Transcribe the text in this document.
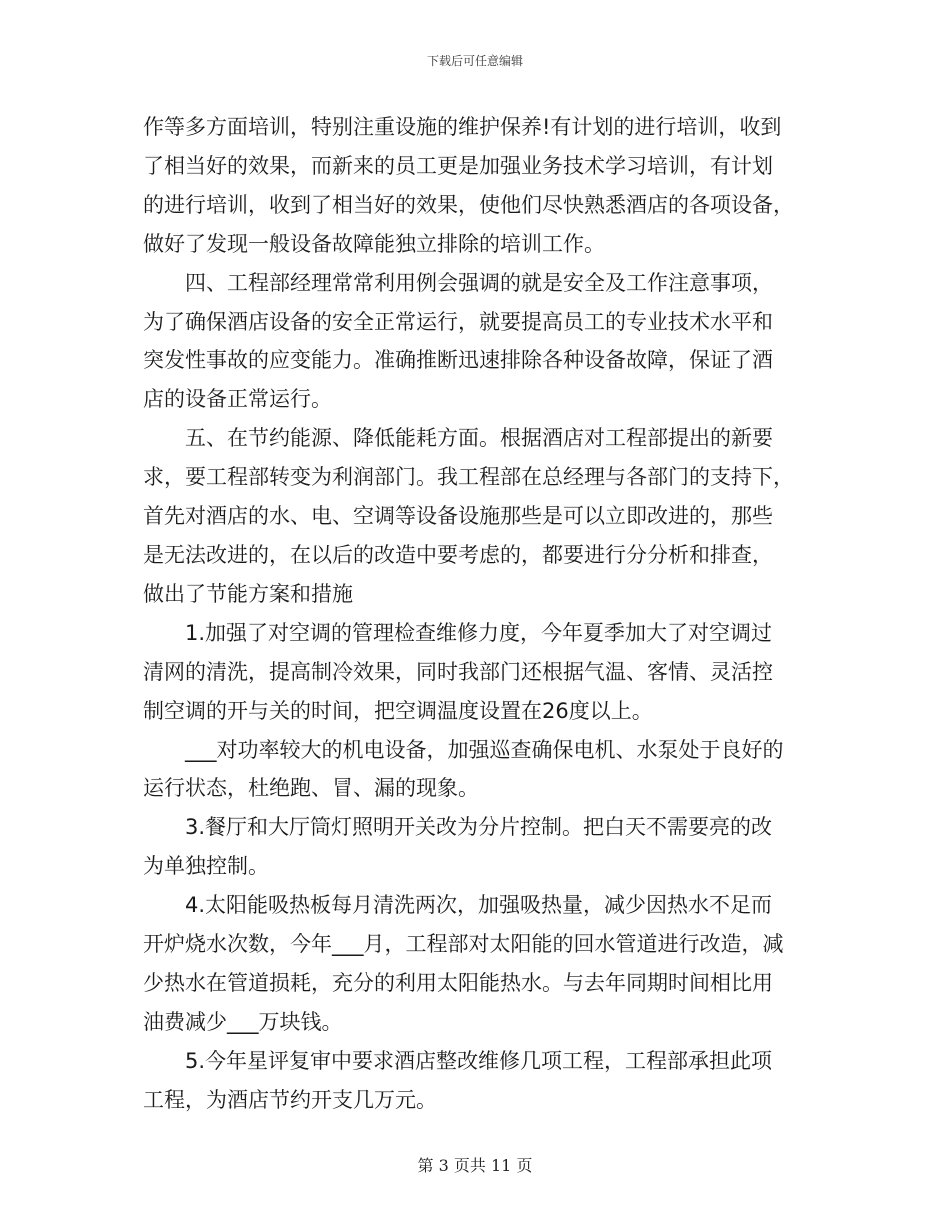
下载后可任意编辑

作等多方面培训，特别注重设施的维护保养!有计划的进行培训，收到

了相当好的效果，而新来的员工更是加强业务技术学习培训，有计划

的进行培训，收到了相当好的效果，使他们尽快熟悉酒店的各项设备，

做好了发现一般设备故障能独立排除的培训工作。

　　四、工程部经理常常利用例会强调的就是安全及工作注意事项，

为了确保酒店设备的安全正常运行，就要提高员工的专业技术水平和

突发性事故的应变能力。准确推断迅速排除各种设备故障，保证了酒

店的设备正常运行。

　　五、在节约能源、降低能耗方面。根据酒店对工程部提出的新要

求，要工程部转变为利润部门。我工程部在总经理与各部门的支持下，

首先对酒店的水、电、空调等设备设施那些是可以立即改进的，那些

是无法改进的，在以后的改造中要考虑的，都要进行分分析和排查，

做出了节能方案和措施

　　1.加强了对空调的管理检查维修力度，今年夏季加大了对空调过

清网的清洗，提高制冷效果，同时我部门还根据气温、客情、灵活控

制空调的开与关的时间，把空调温度设置在26度以上。

　　___对功率较大的机电设备，加强巡查确保电机、水泵处于良好的

运行状态，杜绝跑、冒、漏的现象。

　　3.餐厅和大厅筒灯照明开关改为分片控制。把白天不需要亮的改

为单独控制。

　　4.太阳能吸热板每月清洗两次，加强吸热量，减少因热水不足而

开炉烧水次数，今年___月，工程部对太阳能的回水管道进行改造，减

少热水在管道损耗，充分的利用太阳能热水。与去年同期时间相比用

油费减少___万块钱。

　　5.今年星评复审中要求酒店整改维修几项工程，工程部承担此项

工程，为酒店节约开支几万元。

第 3 页共 11 页
